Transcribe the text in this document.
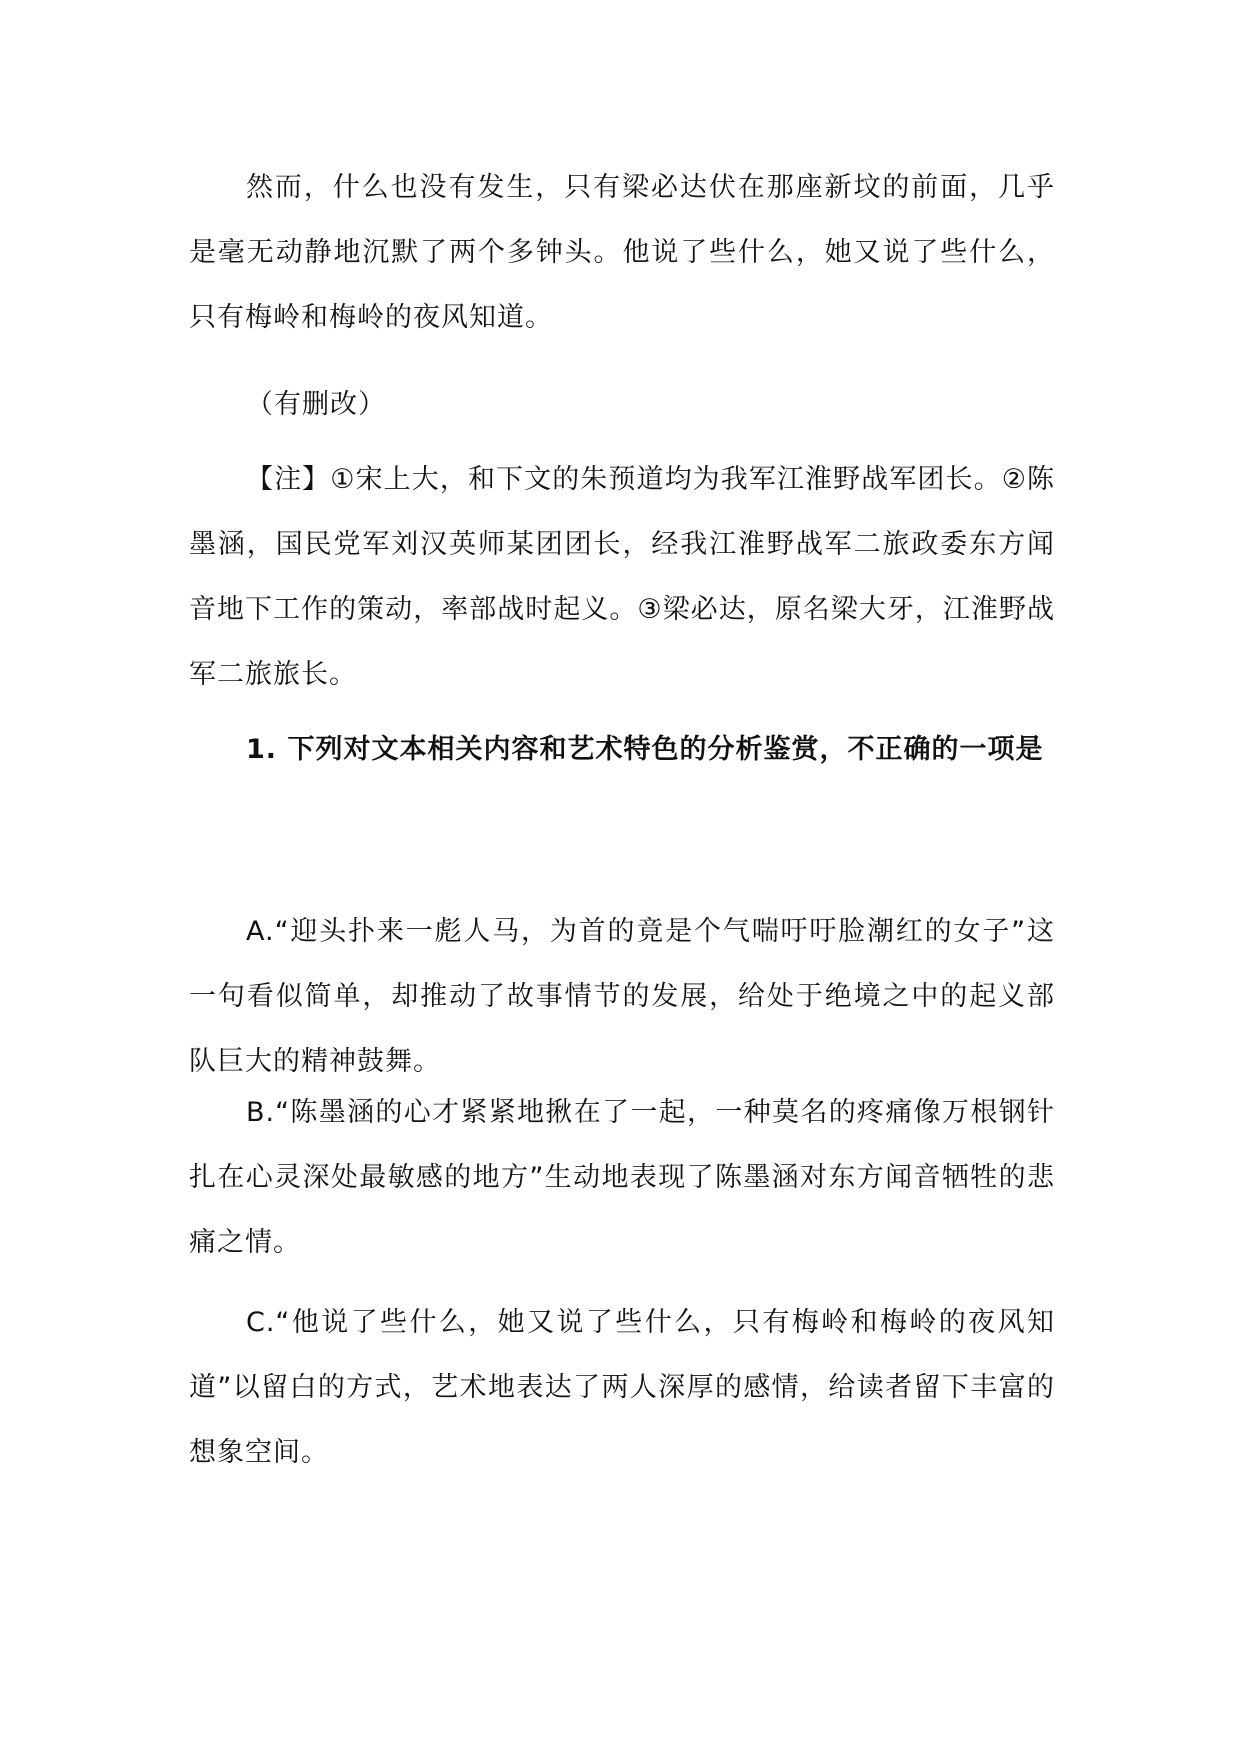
然而，什么也没有发生，只有梁必达伏在那座新坟的前面，几乎是毫无动静地沉默了两个多钟头。他说了些什么，她又说了些什么，只有梅岭和梅岭的夜风知道。

（有删改）

【注】①宋上大，和下文的朱预道均为我军江淮野战军团长。②陈墨涵，国民党军刘汉英师某团团长，经我江淮野战军二旅政委东方闻音地下工作的策动，率部战时起义。③梁必达，原名梁大牙，江淮野战军二旅旅长。

1. 下列对文本相关内容和艺术特色的分析鉴赏，不正确的一项是

A.“迎头扑来一彪人马，为首的竟是个气喘吁吁脸潮红的女子”这一句看似简单，却推动了故事情节的发展，给处于绝境之中的起义部队巨大的精神鼓舞。

B.“陈墨涵的心才紧紧地揪在了一起，一种莫名的疼痛像万根钢针扎在心灵深处最敏感的地方”生动地表现了陈墨涵对东方闻音牺牲的悲痛之情。

C.“他说了些什么，她又说了些什么，只有梅岭和梅岭的夜风知道”以留白的方式，艺术地表达了两人深厚的感情，给读者留下丰富的想象空间。
